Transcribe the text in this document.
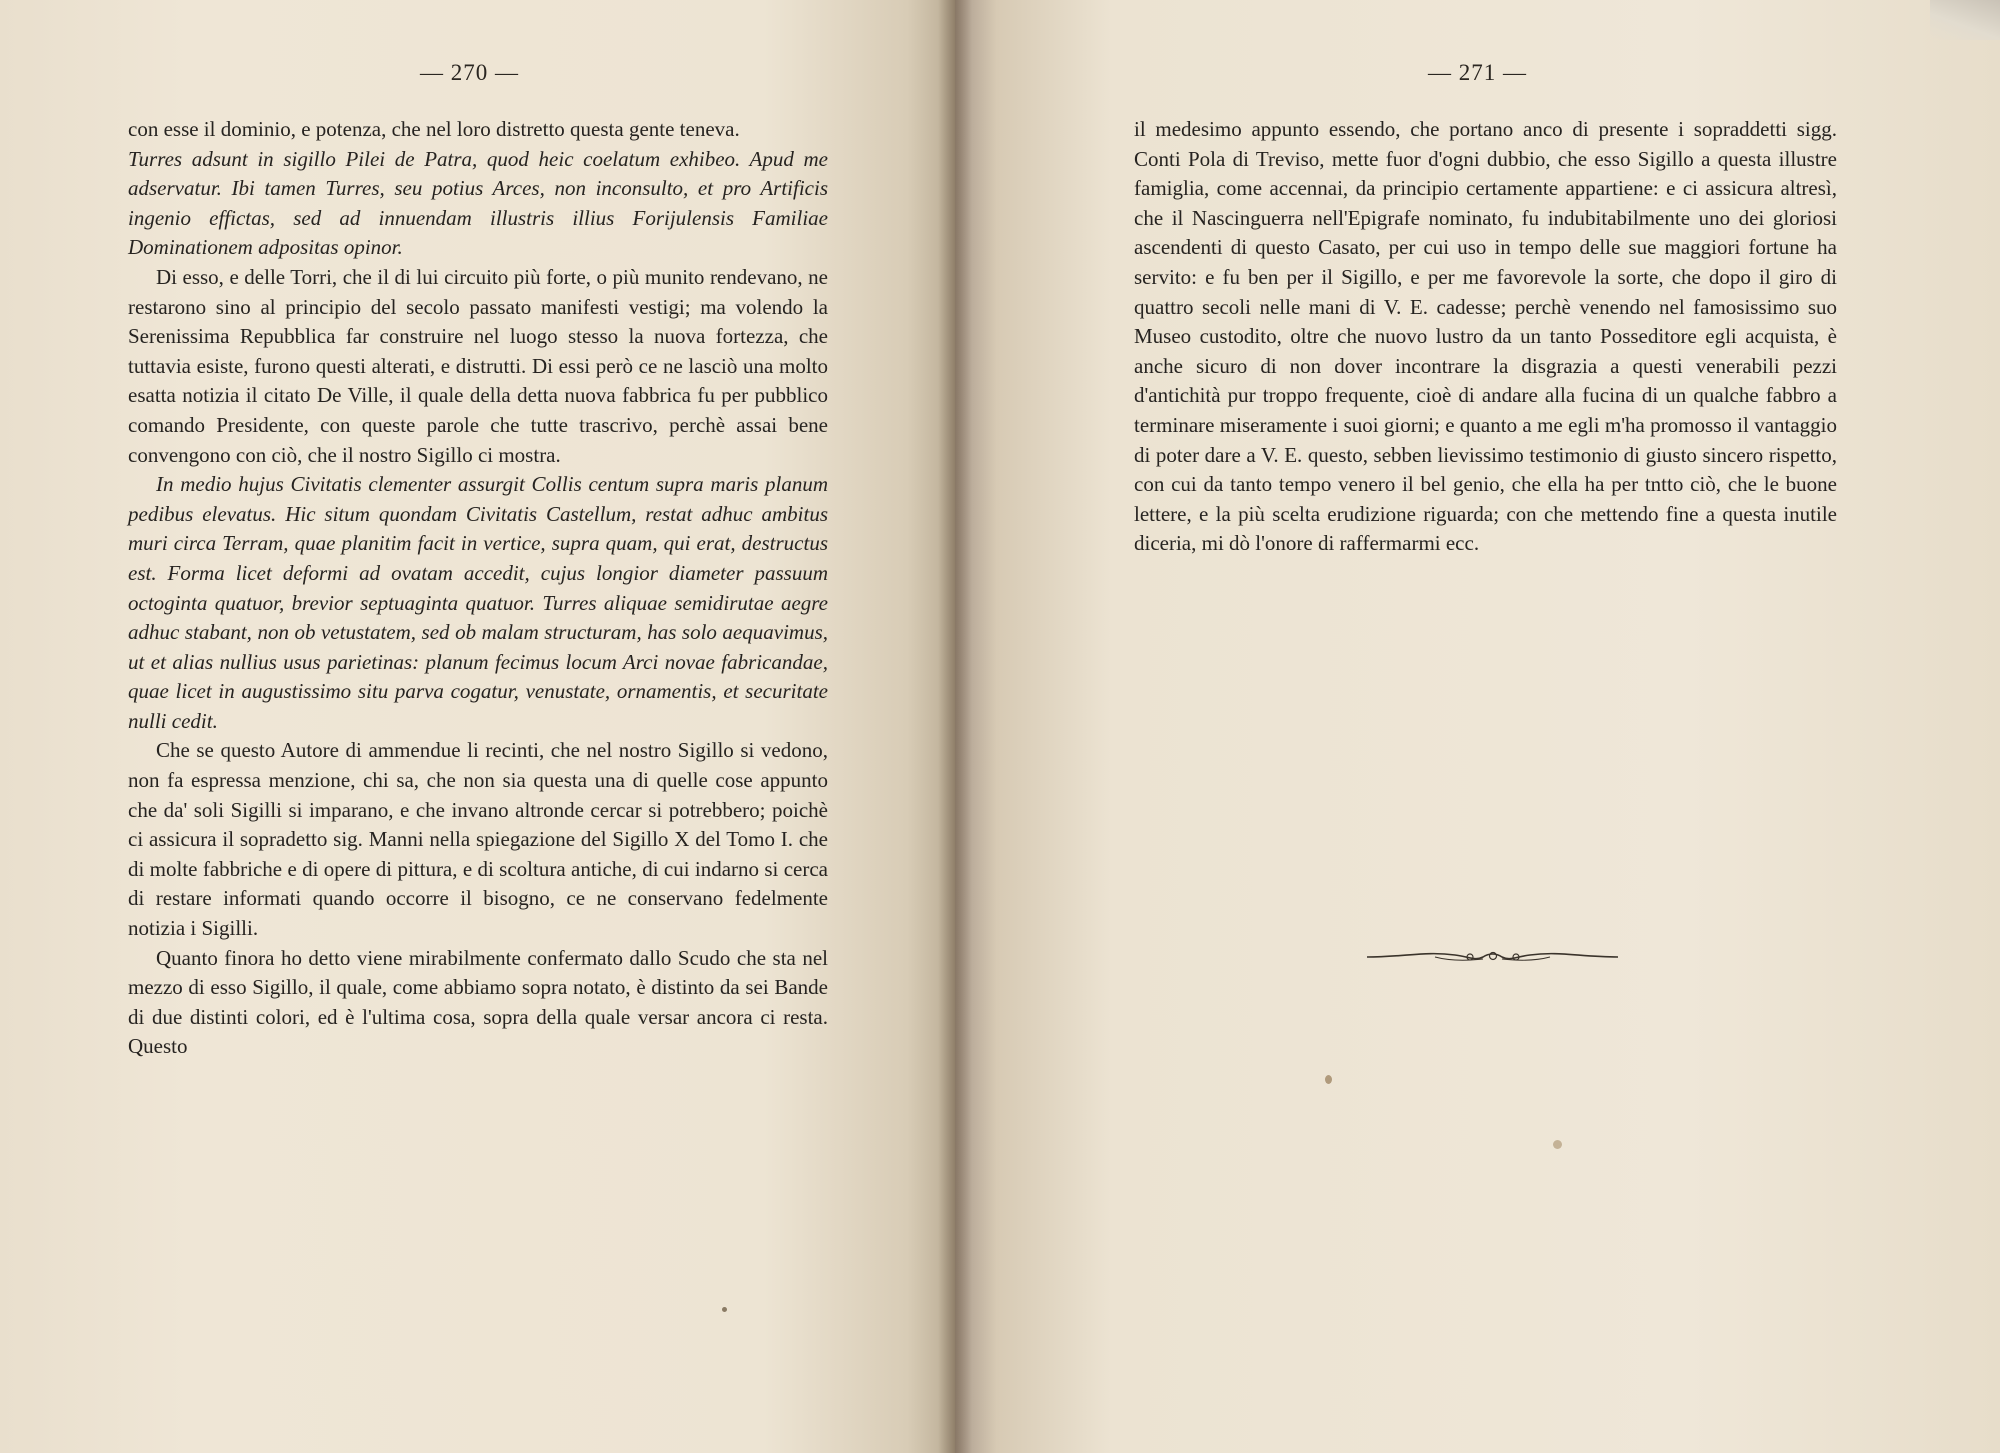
— 270 —

con esse il dominio, e potenza, che nel loro distretto questa gente teneva.

Turres adsunt in sigillo Pilei de Patra, quod heic coelatum exhibeo. Apud me adservatur. Ibi tamen Turres, seu potius Arces, non inconsulto, et pro Artificis ingenio effictas, sed ad innuendam illustris illius Forijulensis Familiae Dominationem adpositas opinor.

Di esso, e delle Torri, che il di lui circuito più forte, o più munito rendevano, ne restarono sino al principio del secolo passato manifesti vestigi; ma volendo la Serenissima Repubblica far construire nel luogo stesso la nuova fortezza, che tuttavia esiste, furono questi alterati, e distrutti. Di essi però ce ne lasciò una molto esatta notizia il citato De Ville, il quale della detta nuova fabbrica fu per pubblico comando Presidente, con queste parole che tutte trascrivo, perchè assai bene convengono con ciò, che il nostro Sigillo ci mostra.

In medio hujus Civitatis clementer assurgit Collis centum supra maris planum pedibus elevatus. Hic situm quondam Civitatis Castellum, restat adhuc ambitus muri circa Terram, quae planitim facit in vertice, supra quam, qui erat, destructus est. Forma licet deformi ad ovatam accedit, cujus longior diameter passuum octoginta quatuor, brevior septuaginta quatuor. Turres aliquae semidirutae aegre adhuc stabant, non ob vetustatem, sed ob malam structuram, has solo aequavimus, ut et alias nullius usus parietinas: planum fecimus locum Arci novae fabricandae, quae licet in augustissimo situ parva cogatur, venustate, ornamentis, et securitate nulli cedit.

Che se questo Autore di ammendue li recinti, che nel nostro Sigillo si vedono, non fa espressa menzione, chi sa, che non sia questa una di quelle cose appunto che da' soli Sigilli si imparano, e che invano altronde cercar si potrebbero; poichè ci assicura il sopradetto sig. Manni nella spiegazione del Sigillo X del Tomo I. che di molte fabbriche e di opere di pittura, e di scoltura antiche, di cui indarno si cerca di restare informati quando occorre il bisogno, ce ne conservano fedelmente notizia i Sigilli.

Quanto finora ho detto viene mirabilmente confermato dallo Scudo che sta nel mezzo di esso Sigillo, il quale, come abbiamo sopra notato, è distinto da sei Bande di due distinti colori, ed è l'ultima cosa, sopra della quale versar ancora ci resta. Questo

— 271 —

il medesimo appunto essendo, che portano anco di presente i sopraddetti sigg. Conti Pola di Treviso, mette fuor d'ogni dubbio, che esso Sigillo a questa illustre famiglia, come accennai, da principio certamente appartiene: e ci assicura altresì, che il Nascinguerra nell'Epigrafe nominato, fu indubitabilmente uno dei gloriosi ascendenti di questo Casato, per cui uso in tempo delle sue maggiori fortune ha servito: e fu ben per il Sigillo, e per me favorevole la sorte, che dopo il giro di quattro secoli nelle mani di V. E. cadesse; perchè venendo nel famosissimo suo Museo custodito, oltre che nuovo lustro da un tanto Posseditore egli acquista, è anche sicuro di non dover incontrare la disgrazia a questi venerabili pezzi d'antichità pur troppo frequente, cioè di andare alla fucina di un qualche fabbro a terminare miseramente i suoi giorni; e quanto a me egli m'ha promosso il vantaggio di poter dare a V. E. questo, sebben lievissimo testimonio di giusto sincero rispetto, con cui da tanto tempo venero il bel genio, che ella ha per tntto ciò, che le buone lettere, e la più scelta erudizione riguarda; con che mettendo fine a questa inutile diceria, mi dò l'onore di raffermarmi ecc.
